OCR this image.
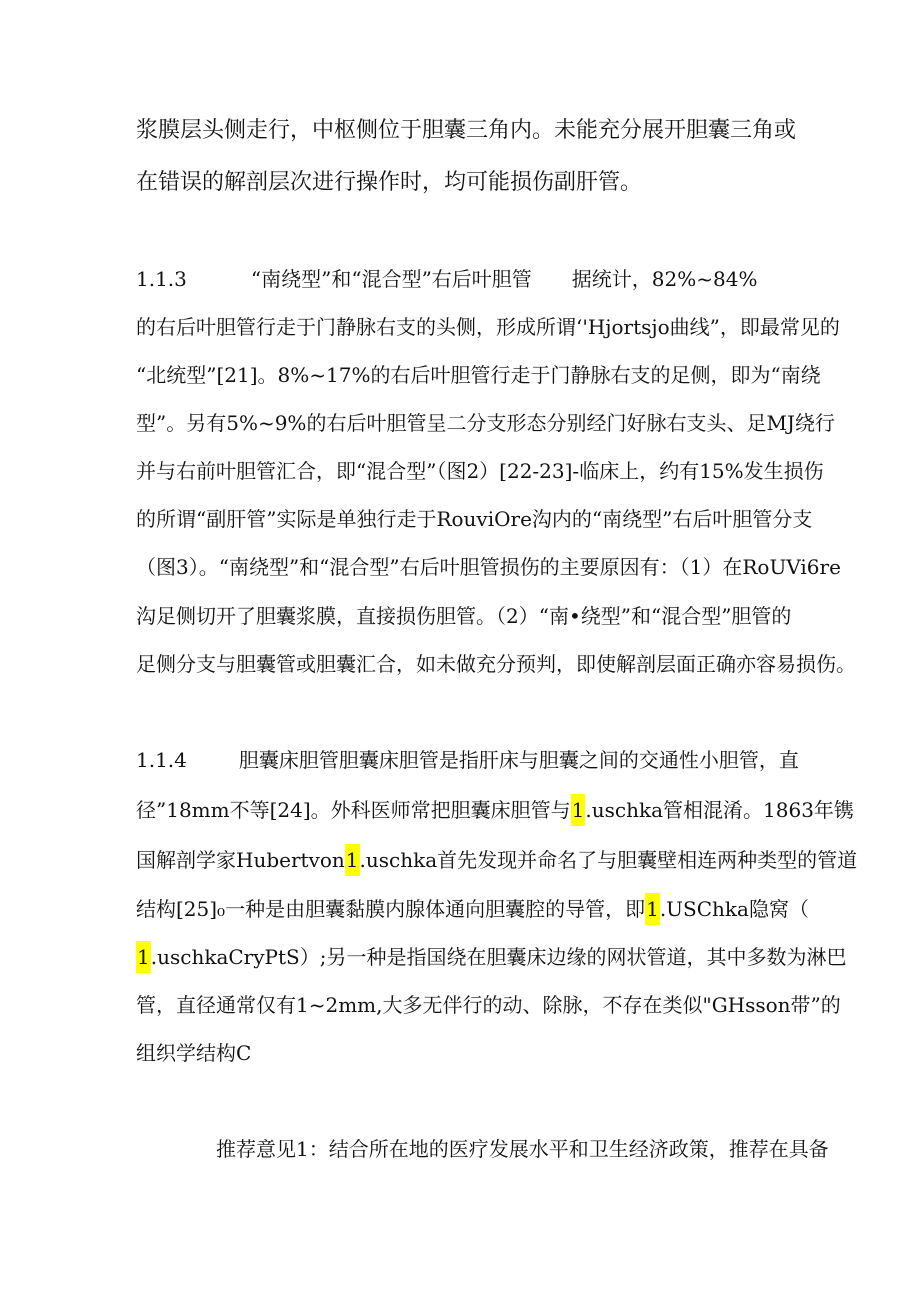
浆膜层头侧走行，中枢侧位于胆囊三角内。未能充分展开胆囊三角或
在错误的解剖层次进行操作时，均可能损伤副肝管。
1.1.3	“南绕型”和“混合型”右后叶胆管 据统计，82%~84%
的右后叶胆管行走于门静脉右支的头侧，形成所谓‘'Hjortsjo曲线”，即最常见的
“北统型”[21]。8%~17%的右后叶胆管行走于门静脉右支的足侧，即为“南绕
型”。另有5%~9%的右后叶胆管呈二分支形态分别经门好脉右支头、足MJ绕行
并与右前叶胆管汇合，即“混合型”（图2）[22-23]-临床上，约有15%发生损伤
的所谓“副肝管”实际是单独行走于RouviOre沟内的“南绕型”右后叶胆管分支
（图3）。“南绕型”和“混合型”右后叶胆管损伤的主要原因有：（1）在RoUVi6re
沟足侧切开了胆囊浆膜，直接损伤胆管。（2）“南•绕型”和“混合型”胆管的
足侧分支与胆囊管或胆囊汇合，如未做充分预判，即使解剖层面正确亦容易损伤。
1.1.4	胆囊床胆管胆囊床胆管是指肝床与胆囊之间的交通性小胆管，直
径”18mm不等[24]。外科医师常把胆囊床胆管与1.uschka管相混淆。1863年镌
国解剖学家Hubertvon1.uschka首先发现并命名了与胆囊壁相连两种类型的管道
结构[25]₀一种是由胆囊黏膜内腺体通向胆囊腔的导管，即1.USChka隐窝（
1.uschkaCryPtS）;另一种是指国绕在胆囊床边缘的网状管道，其中多数为淋巴
管，直径通常仅有1~2mm,大多无伴行的动、除脉，不存在类似"GHsson带”的
组织学结构C
推荐意见1：结合所在地的医疗发展水平和卫生经济政策，推荐在具备
